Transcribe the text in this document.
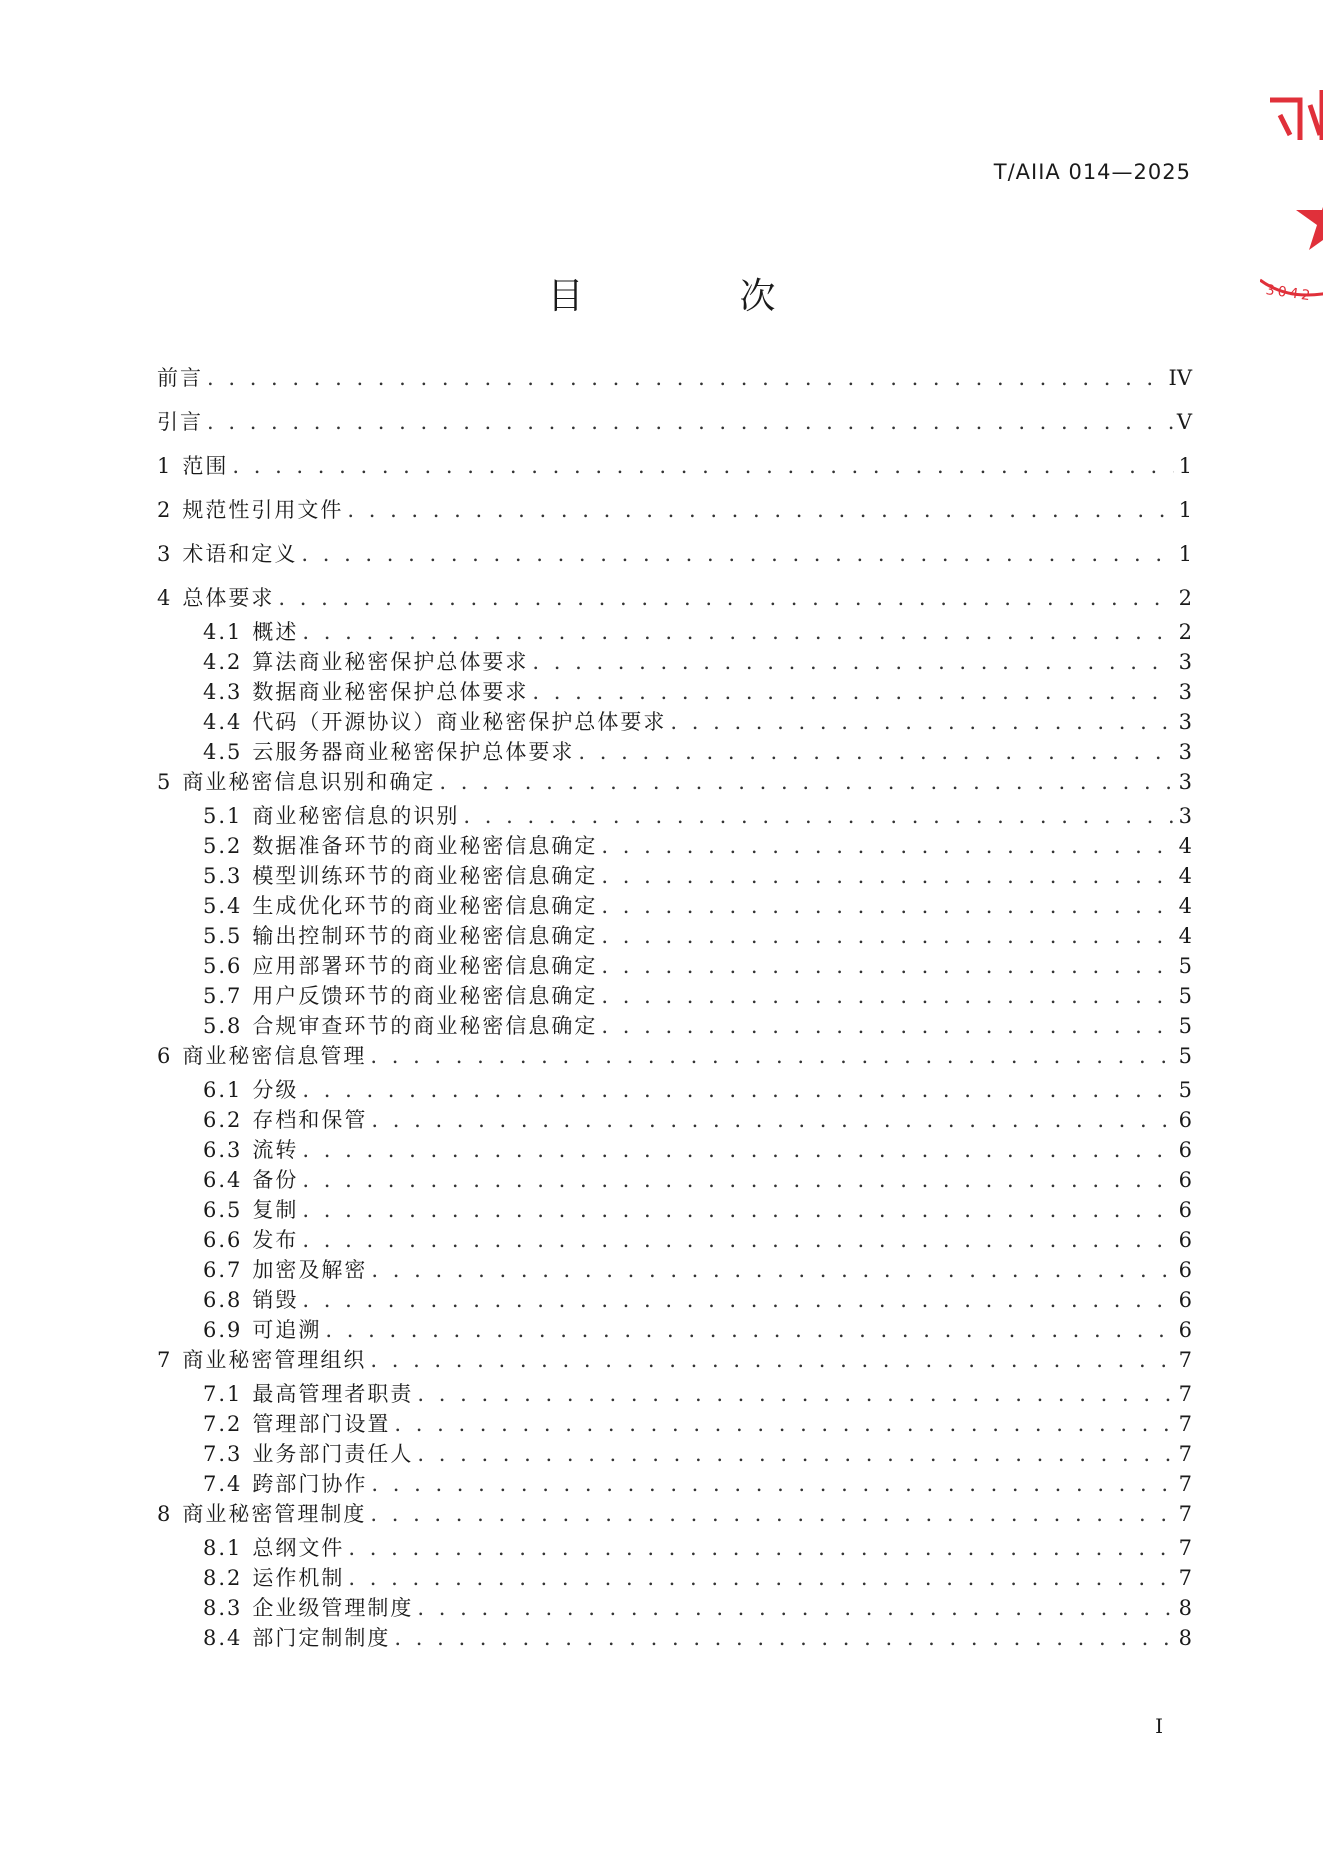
T/AIIA 014—2025
目　次
前言 . . .	IV
引言 . . .	V
1 范围 . . .	1
2 规范性引用文件 . . .	1
3 术语和定义 . . .	1
4 总体要求 . . .	2
4.1 概述 . . .	2
4.2 算法商业秘密保护总体要求 . . .	3
4.3 数据商业秘密保护总体要求 . . .	3
4.4 代码（开源协议）商业秘密保护总体要求 . . .	3
4.5 云服务器商业秘密保护总体要求 . . .	3
5 商业秘密信息识别和确定 . . .	3
5.1 商业秘密信息的识别 . . .	3
5.2 数据准备环节的商业秘密信息确定 . . .	4
5.3 模型训练环节的商业秘密信息确定 . . .	4
5.4 生成优化环节的商业秘密信息确定 . . .	4
5.5 输出控制环节的商业秘密信息确定 . . .	4
5.6 应用部署环节的商业秘密信息确定 . . .	5
5.7 用户反馈环节的商业秘密信息确定 . . .	5
5.8 合规审查环节的商业秘密信息确定 . . .	5
6 商业秘密信息管理 . . .	5
6.1 分级 . . .	5
6.2 存档和保管 . . .	6
6.3 流转 . . .	6
6.4 备份 . . .	6
6.5 复制 . . .	6
6.6 发布 . . .	6
6.7 加密及解密 . . .	6
6.8 销毁 . . .	6
6.9 可追溯 . . .	6
7 商业秘密管理组织 . . .	7
7.1 最高管理者职责 . . .	7
7.2 管理部门设置 . . .	7
7.3 业务部门责任人 . . .	7
7.4 跨部门协作 . . .	7
8 商业秘密管理制度 . . .	7
8.1 总纲文件 . . .	7
8.2 运作机制 . . .	7
8.3 企业级管理制度 . . .	8
8.4 部门定制制度 . . .	8
I
3042
